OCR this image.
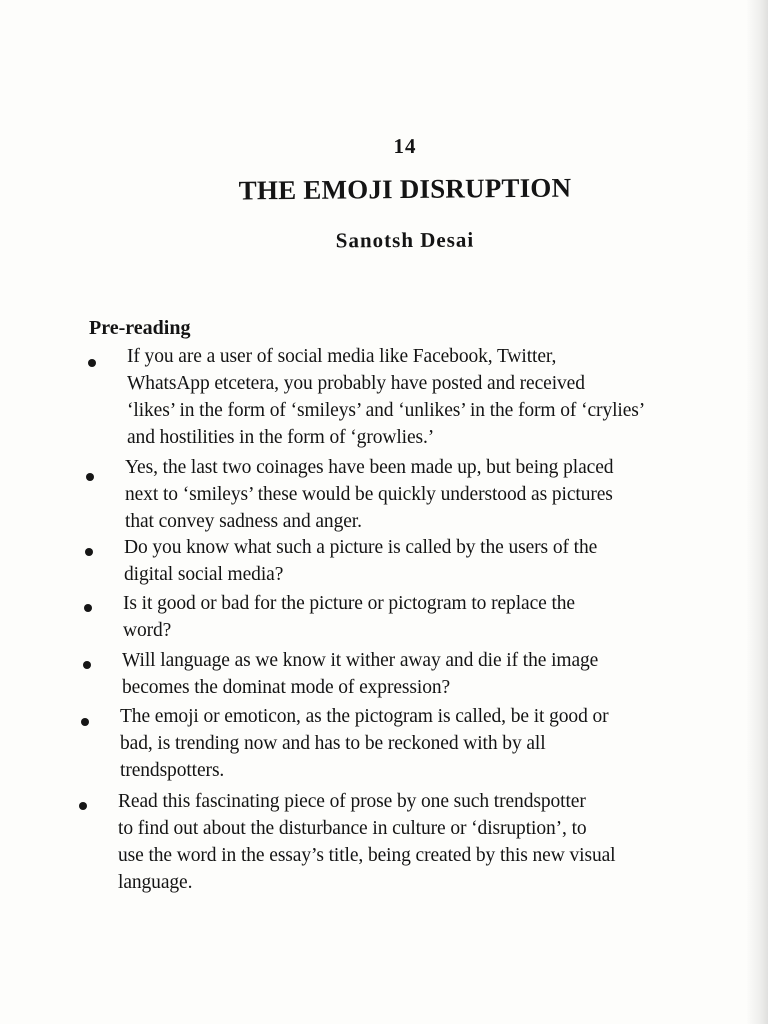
14
THE EMOJI DISRUPTION
Sanotsh Desai
Pre-reading
If you are a user of social media like Facebook, Twitter,
WhatsApp etcetera, you probably have posted and received
‘likes’ in the form of ‘smileys’ and ‘unlikes’ in the form of ‘crylies’
and hostilities in the form of ‘growlies.’
Yes, the last two coinages have been made up, but being placed
next to ‘smileys’ these would be quickly understood as pictures
that convey sadness and anger.
Do you know what such a picture is called by the users of the
digital social media?
Is it good or bad for the picture or pictogram to replace the
word?
Will language as we know it wither away and die if the image
becomes the dominat mode of expression?
The emoji or emoticon, as the pictogram is called, be it good or
bad, is trending now and has to be reckoned with by all
trendspotters.
Read this fascinating piece of prose by one such trendspotter
to find out about the disturbance in culture or ‘disruption’, to
use the word in the essay’s title, being created by this new visual
language.
